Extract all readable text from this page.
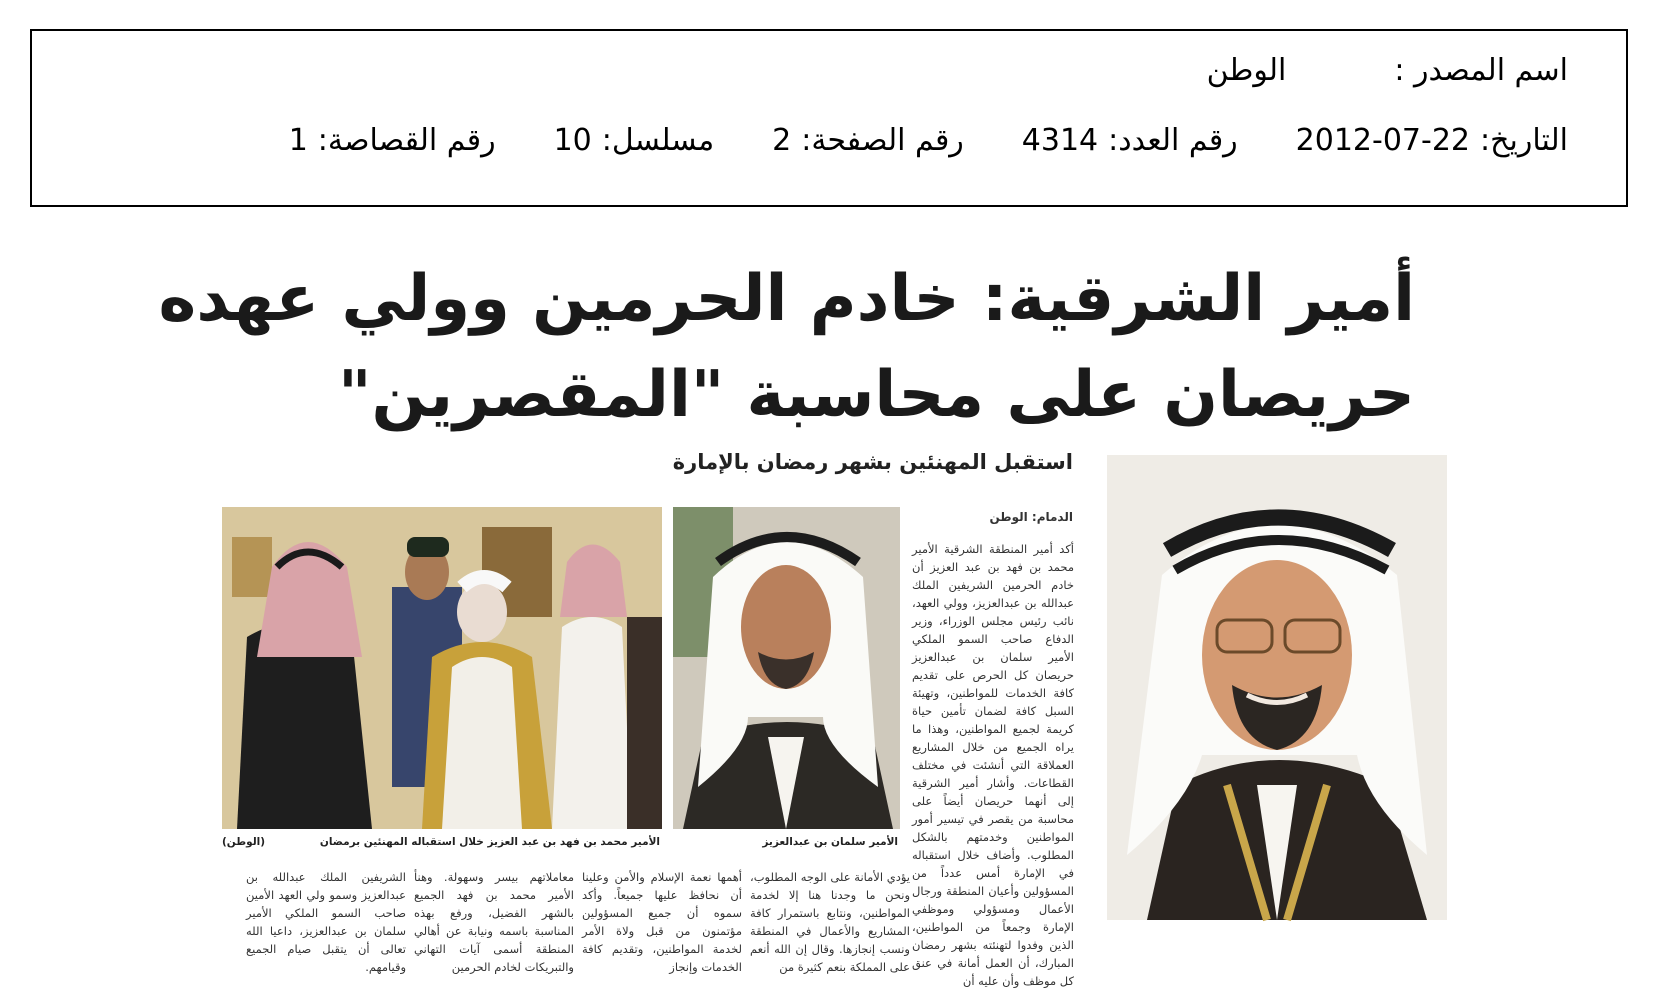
اسم المصدر :الوطن
التاريخ:2012-07-22رقم العدد:4314رقم الصفحة:2مسلسل:10رقم القصاصة:1
أمير الشرقية: خادم الحرمين وولي عهده
حريصان على محاسبة "المقصرين"
استقبل المهنئين بشهر رمضان بالإمارة
الدمام: الوطن
أكد أمير المنطقة الشرقية الأمير محمد بن فهد بن عبد العزيز أن خادم الحرمين الشريفين الملك عبدالله بن عبدالعزيز، وولي العهد، نائب رئيس مجلس الوزراء، وزير الدفاع صاحب السمو الملكي الأمير سلمان بن عبدالعزيز حريصان كل الحرص على تقديم كافة الخدمات للمواطنين، وتهيئة السبل كافة لضمان تأمين حياة كريمة لجميع المواطنين، وهذا ما يراه الجميع من خلال المشاريع العملاقة التي أنشئت في مختلف القطاعات. وأشار أمير الشرقية إلى أنهما حريصان أيضاً على محاسبة من يقصر في تيسير أمور المواطنين وخدمتهم بالشكل المطلوب. وأضاف خلال استقباله في الإمارة أمس عدداً من المسؤولين وأعيان المنطقة ورجال الأعمال ومسؤولي وموظفي الإمارة وجمعاً من المواطنين، الذين وفدوا لتهنئته بشهر رمضان المبارك، أن العمل أمانة في عنق كل موظف وأن عليه أن
الأمير سلمان بن عبدالعزيز
الأمير محمد بن فهد بن عبد العزيز خلال استقباله المهنئين برمضان
(الوطن)
يؤدي الأمانة على الوجه المطلوب، ونحن ما وجدنا هنا إلا لخدمة المواطنين، ونتابع باستمرار كافة المشاريع والأعمال في المنطقة ونسب إنجازها. وقال إن الله أنعم على المملكة بنعم كثيرة من
أهمها نعمة الإسلام والأمن وعلينا أن نحافظ عليها جميعاً. وأكد سموه أن جميع المسؤولين مؤتمنون من قبل ولاة الأمر لخدمة المواطنين، وتقديم كافة الخدمات وإنجاز
معاملاتهم بيسر وسهولة. وهنأ الأمير محمد بن فهد الجميع بالشهر الفضيل، ورفع بهذه المناسبة باسمه ونيابة عن أهالي المنطقة أسمى آيات التهاني والتبريكات لخادم الحرمين
الشريفين الملك عبدالله بن عبدالعزيز وسمو ولي العهد الأمين صاحب السمو الملكي الأمير سلمان بن عبدالعزيز، داعيا الله تعالى أن يتقبل صيام الجميع وقيامهم.
